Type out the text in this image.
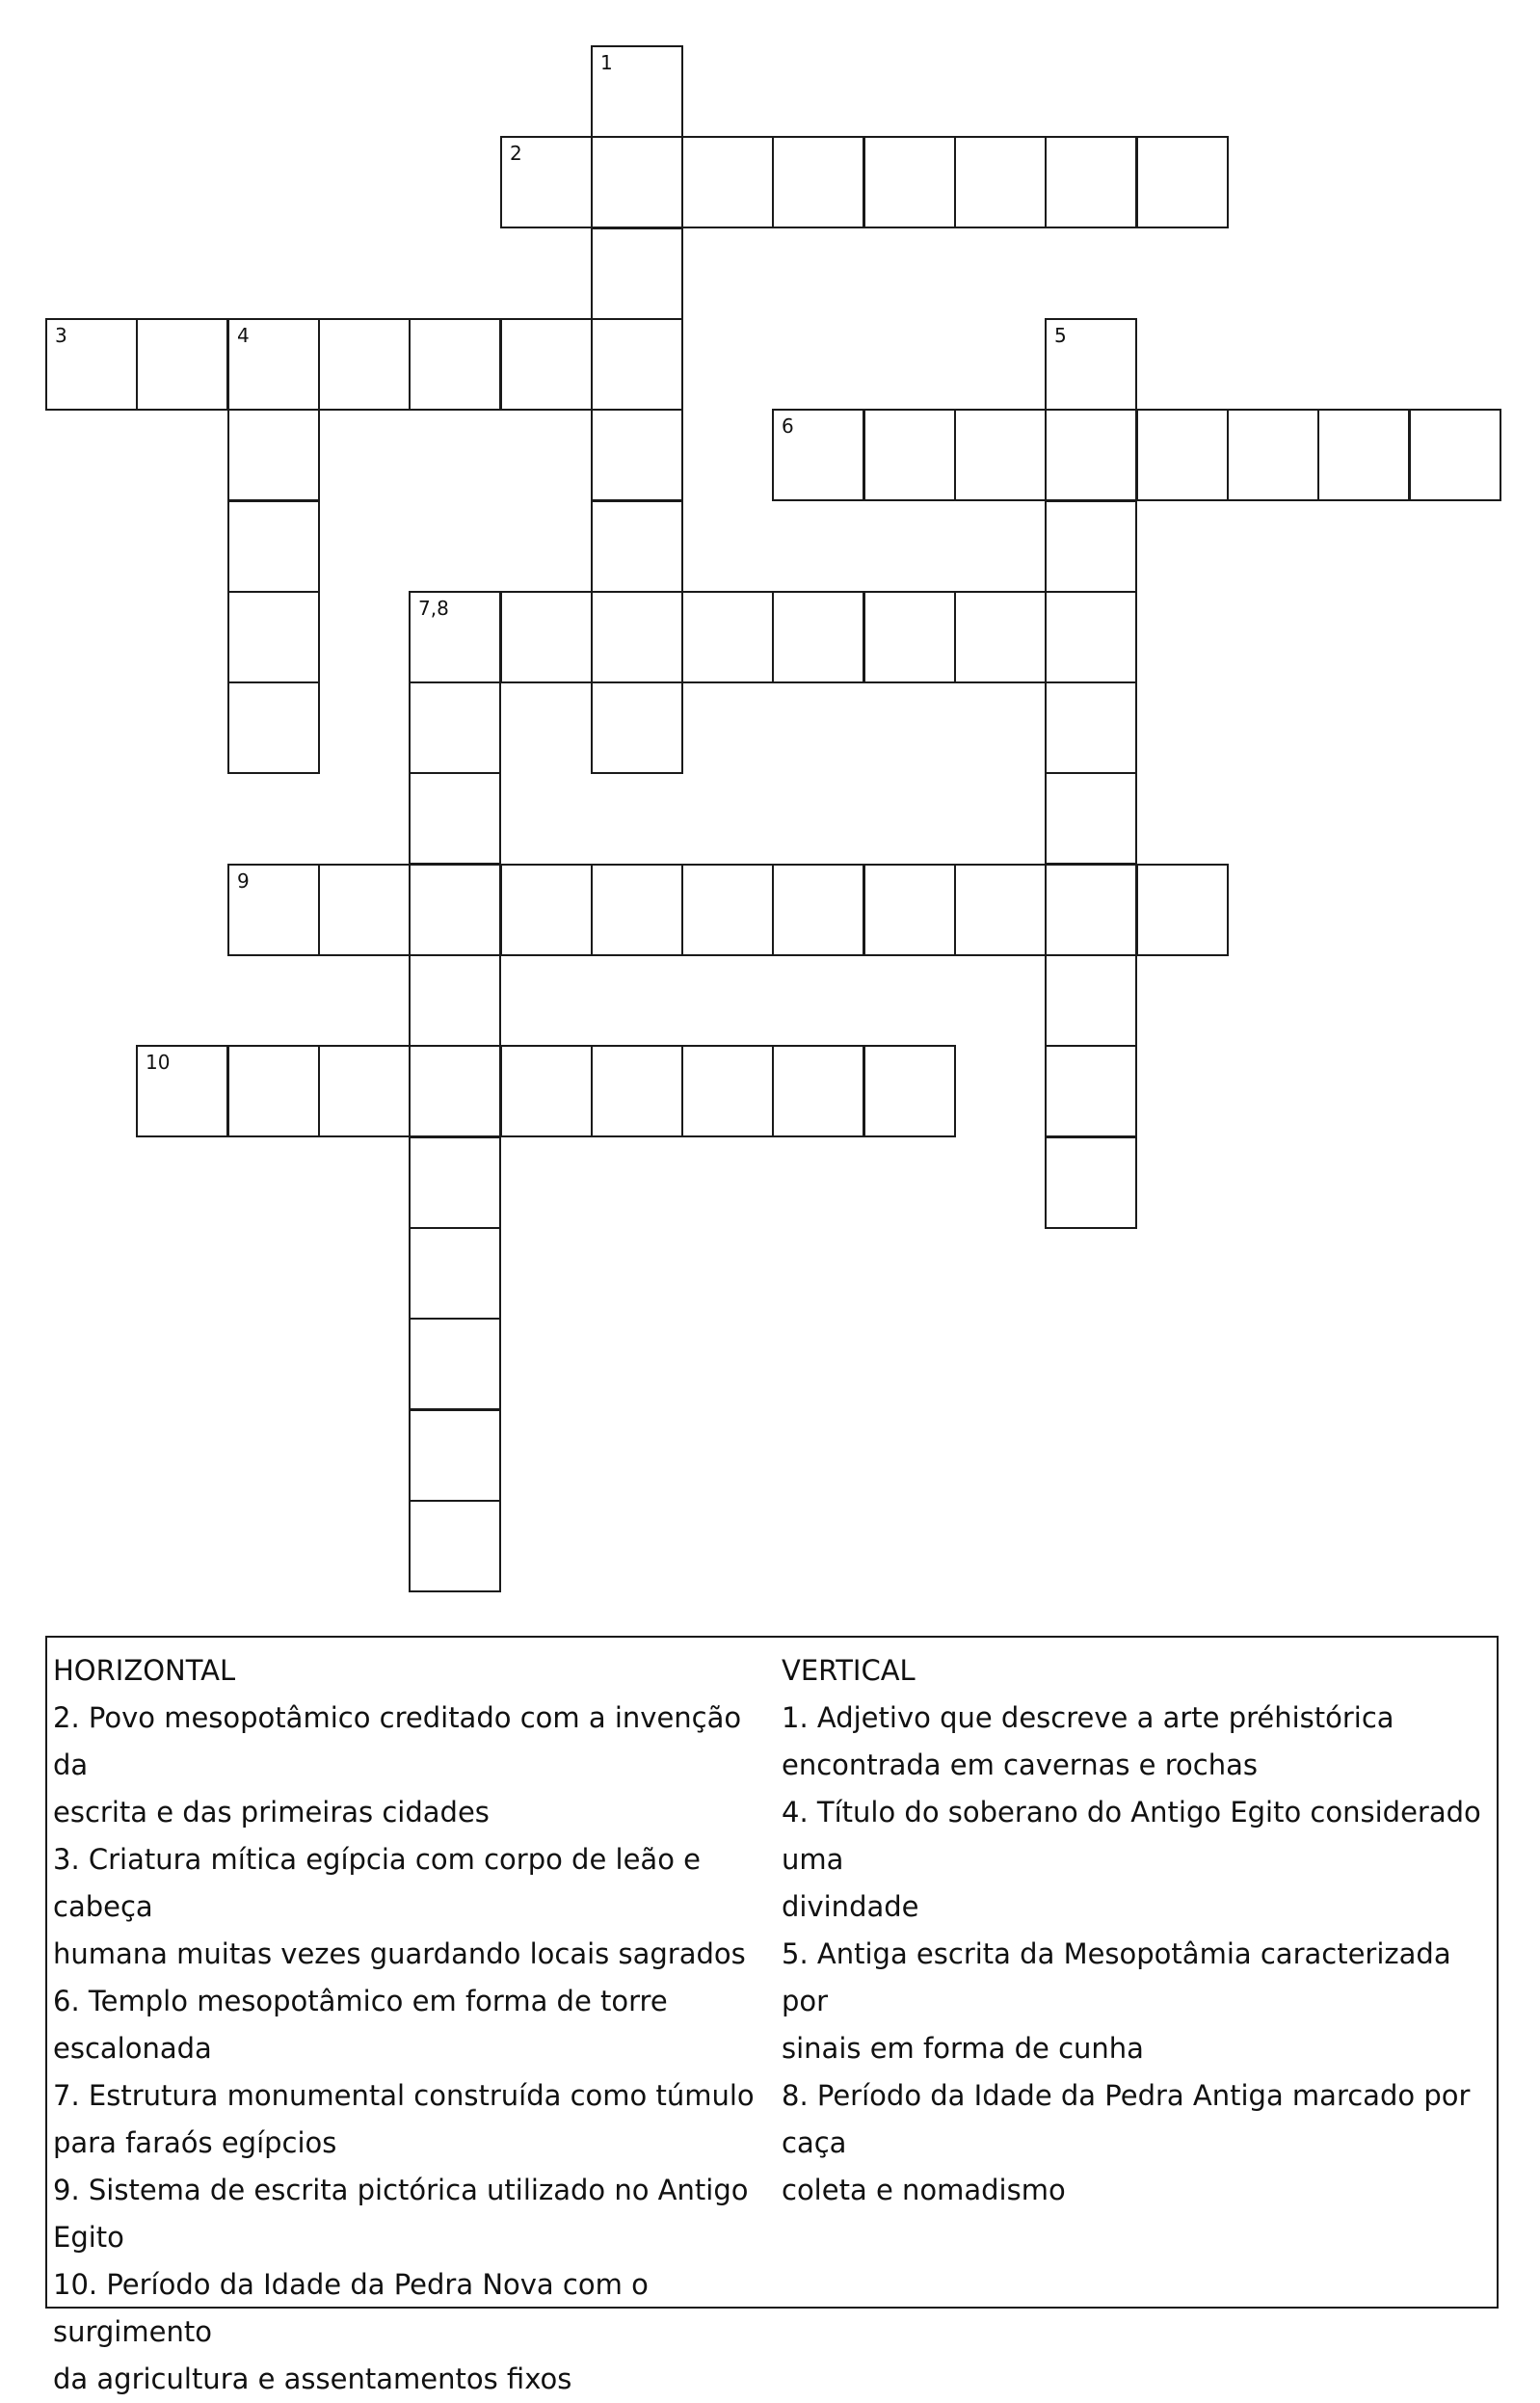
1
2
3	4	5
6
7,8
9
10

HORIZONTAL

2. Povo mesopotâmico creditado com a invenção da

escrita e das primeiras cidades

3. Criatura mítica egípcia com corpo de leão e cabeça

humana muitas vezes guardando locais sagrados

6. Templo mesopotâmico em forma de torre

escalonada

7. Estrutura monumental construída como túmulo

para faraós egípcios

9. Sistema de escrita pictórica utilizado no Antigo

Egito

10. Período da Idade da Pedra Nova com o surgimento

da agricultura e assentamentos fixos

VERTICAL

1. Adjetivo que descreve a arte préhistórica

encontrada em cavernas e rochas

4. Título do soberano do Antigo Egito considerado uma

divindade

5. Antiga escrita da Mesopotâmia caracterizada por

sinais em forma de cunha

8. Período da Idade da Pedra Antiga marcado por caça

coleta e nomadismo
